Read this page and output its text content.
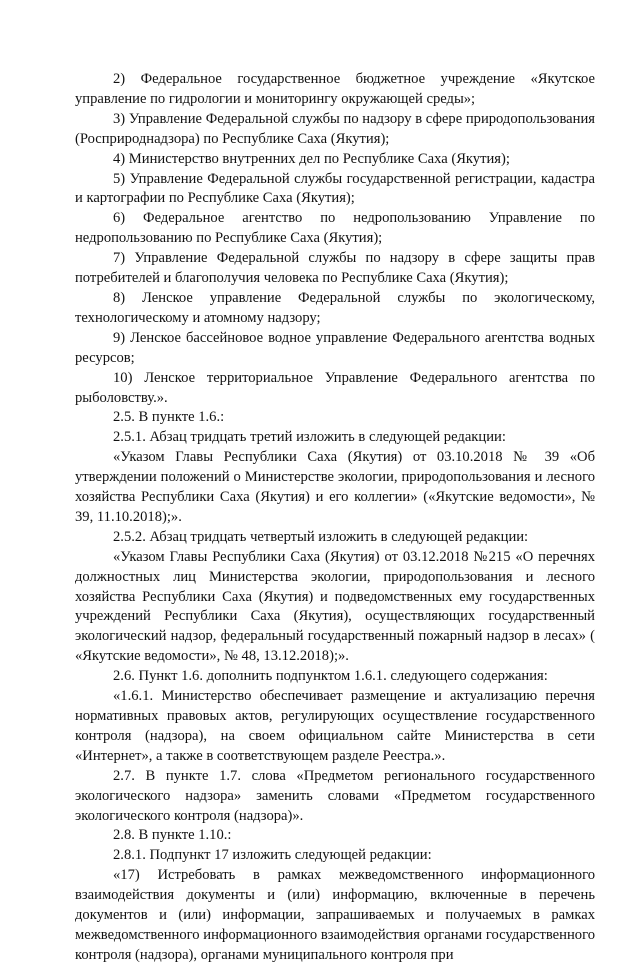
2) Федеральное государственное бюджетное учреждение «Якутское управление по гидрологии и мониторингу окружающей среды»;

3) Управление Федеральной службы по надзору в сфере природопользования (Росприроднадзора) по Республике Саха (Якутия);

4) Министерство внутренних дел по Республике Саха (Якутия);

5) Управление Федеральной службы государственной регистрации, кадастра и картографии по Республике Саха (Якутия);

6) Федеральное агентство по недропользованию Управление по недропользованию по Республике Саха (Якутия);

7) Управление Федеральной службы по надзору в сфере защиты прав потребителей и благополучия человека по Республике Саха (Якутия);

8) Ленское управление Федеральной службы по экологическому, технологическому и атомному надзору;

9) Ленское бассейновое водное управление Федерального агентства водных ресурсов;

10) Ленское территориальное Управление Федерального агентства по рыболовству.».

2.5. В пункте 1.6.:

2.5.1. Абзац тридцать третий изложить в следующей редакции:

«Указом Главы Республики Саха (Якутия) от 03.10.2018 № 39 «Об утверждении положений о Министерстве экологии, природопользования и лесного хозяйства Республики Саха (Якутия) и его коллегии» («Якутские ведомости», № 39, 11.10.2018);».

2.5.2. Абзац тридцать четвертый изложить в следующей редакции:

«Указом Главы Республики Саха (Якутия) от 03.12.2018 №215 «О перечнях должностных лиц Министерства экологии, природопользования и лесного хозяйства Республики Саха (Якутия) и подведомственных ему государственных учреждений Республики Саха (Якутия), осуществляющих государственный экологический надзор, федеральный государственный пожарный надзор в лесах» ( «Якутские ведомости», № 48, 13.12.2018);».

2.6. Пункт 1.6. дополнить подпунктом 1.6.1. следующего содержания:

«1.6.1. Министерство обеспечивает размещение и актуализацию перечня нормативных правовых актов, регулирующих осуществление государственного контроля (надзора), на своем официальном сайте Министерства в сети «Интернет», а также в соответствующем разделе Реестра.».

2.7. В пункте 1.7. слова «Предметом регионального государственного экологического надзора» заменить словами «Предметом государственного экологического контроля (надзора)».

2.8. В пункте 1.10.:

2.8.1. Подпункт 17 изложить следующей редакции:

«17) Истребовать в рамках межведомственного информационного взаимодействия документы и (или) информацию, включенные в перечень документов и (или) информации, запрашиваемых и получаемых в рамках межведомственного информационного взаимодействия органами государственного контроля (надзора), органами муниципального контроля при
